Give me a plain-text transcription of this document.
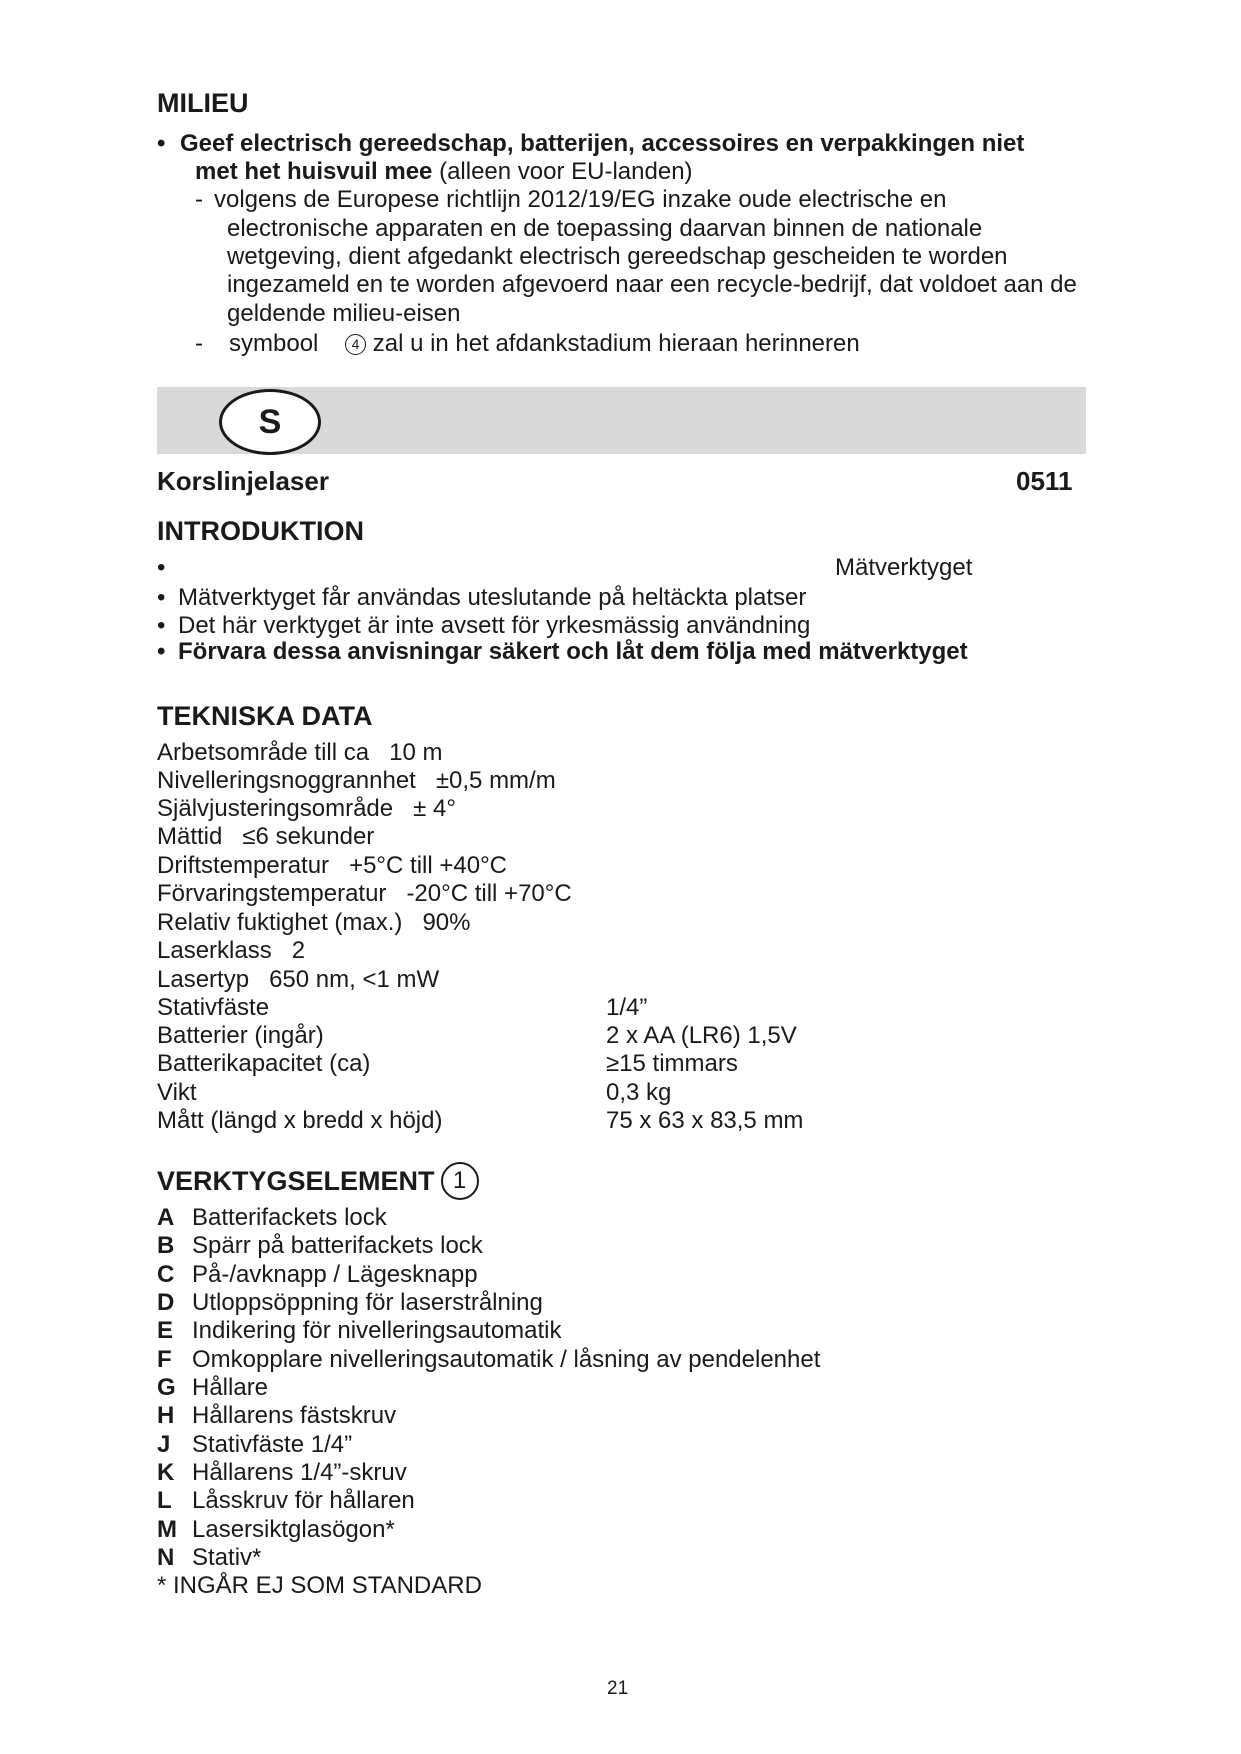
MILIEU
• Geef electrisch gereedschap, batterijen, accessoires en verpakkingen niet
met het huisvuil mee (alleen voor EU-landen)
- volgens de Europese richtlijn 2012/19/EG inzake oude electrische en
electronische apparaten en de toepassing daarvan binnen de nationale
wetgeving, dient afgedankt electrisch gereedschap gescheiden te worden
ingezameld en te worden afgevoerd naar een recycle-bedrijf, dat voldoet aan de
geldende milieu-eisen
- symbool 4 zal u in het afdankstadium hieraan herinneren
S
Korslinjelaser	0511
INTRODUKTION
•	Mätverktyget
• Mätverktyget får användas uteslutande på heltäckta platser
• Det här verktyget är inte avsett för yrkesmässig användning
• Förvara dessa anvisningar säkert och låt dem följa med mätverktyget
TEKNISKA DATA
Arbetsområde till ca 10 m
Nivelleringsnoggrannhet ±0,5 mm/m
Självjusteringsområde ± 4°
Mättid ≤6 sekunder
Driftstemperatur +5°C till +40°C
Förvaringstemperatur -20°C till +70°C
Relativ fuktighet (max.) 90%
Laserklass 2
Lasertyp 650 nm, <1 mW
Stativfäste	1/4”
Batterier (ingår)	2 x AA (LR6) 1,5V
Batterikapacitet (ca)	≥15 timmars
Vikt	0,3 kg
Mått (längd x bredd x höjd)	75 x 63 x 83,5 mm
VERKTYGSELEMENT 1
A Batterifackets lock
B Spärr på batterifackets lock
C På-/avknapp / Lägesknapp
D Utloppsöppning för laserstrålning
E Indikering för nivelleringsautomatik
F Omkopplare nivelleringsautomatik / låsning av pendelenhet
G Hållare
H Hållarens fästskruv
J Stativfäste 1/4”
K Hållarens 1/4”-skruv
L Låsskruv för hållaren
M Lasersiktglasögon*
N Stativ*
* INGÅR EJ SOM STANDARD
21
